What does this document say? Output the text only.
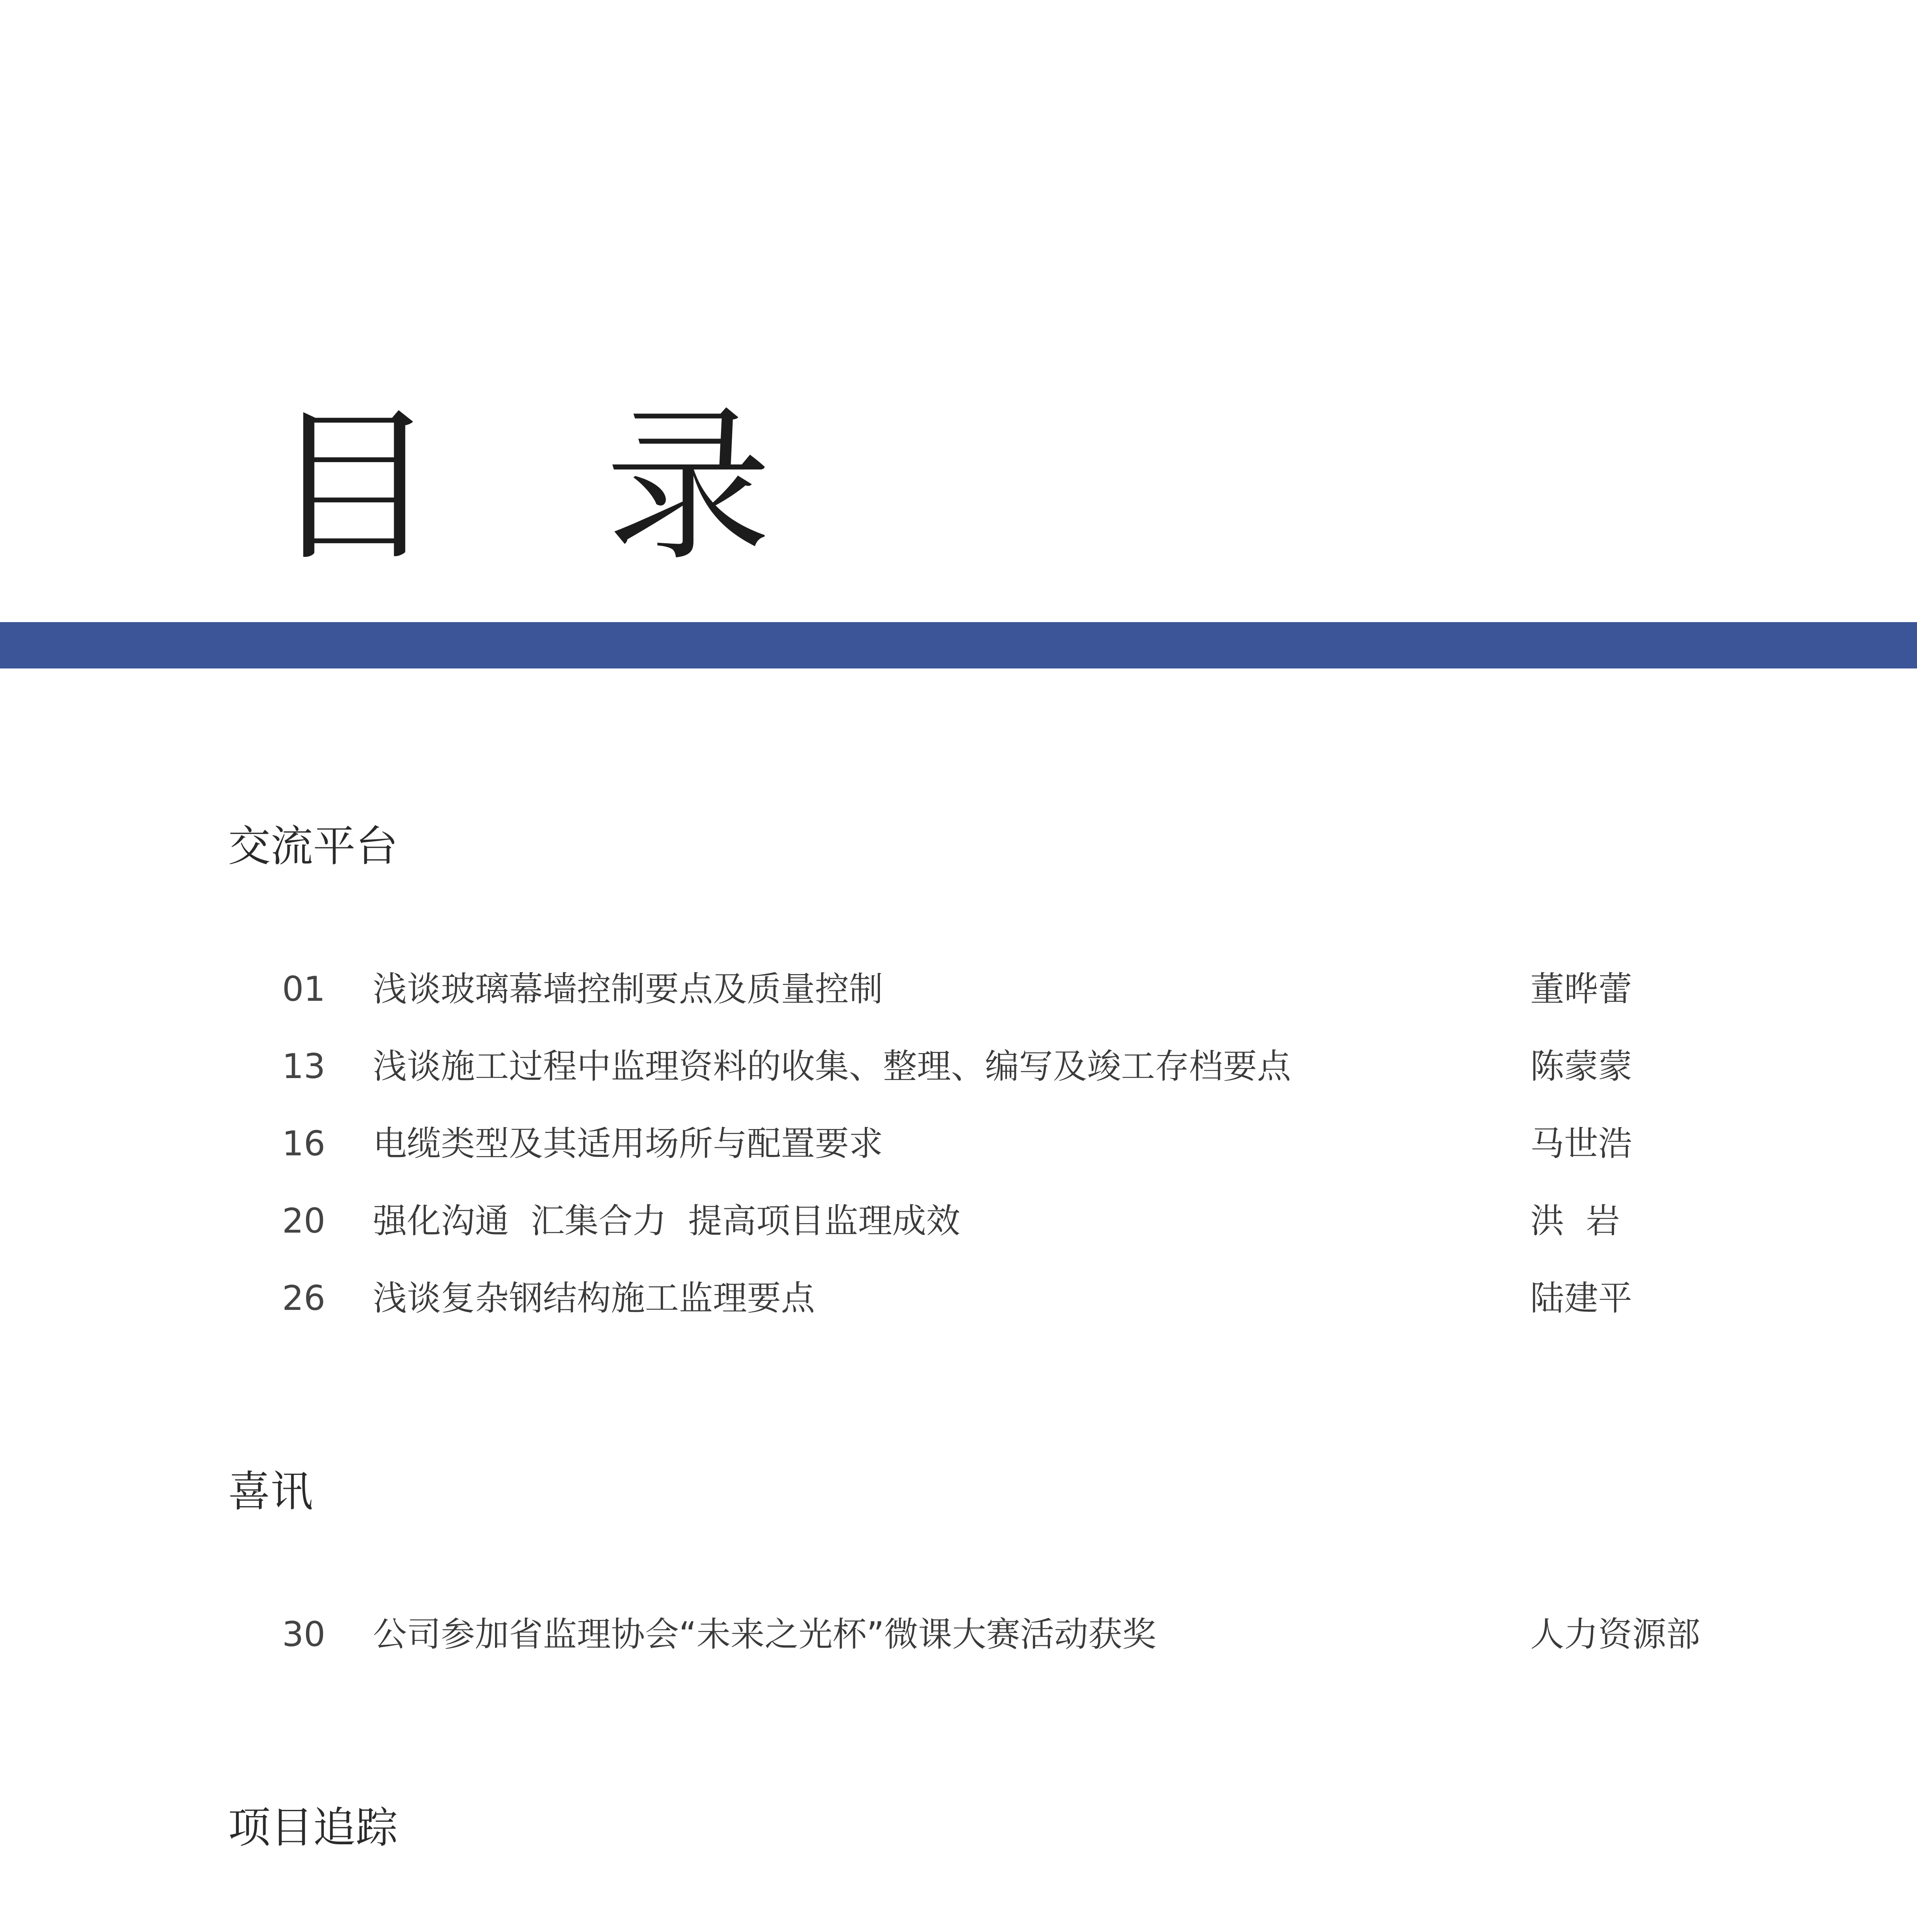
目 录
交流平台
01 浅谈玻璃幕墙控制要点及质量控制	董晔蕾
13 浅谈施工过程中监理资料的收集、整理、编写及竣工存档要点	陈蒙蒙
16 电缆类型及其适用场所与配置要求	马世浩
20 强化沟通  汇集合力  提高项目监理成效	洪  岩
26 浅谈复杂钢结构施工监理要点	陆建平
喜讯
30 公司参加省监理协会“未来之光杯”微课大赛活动获奖	人力资源部
项目追踪
